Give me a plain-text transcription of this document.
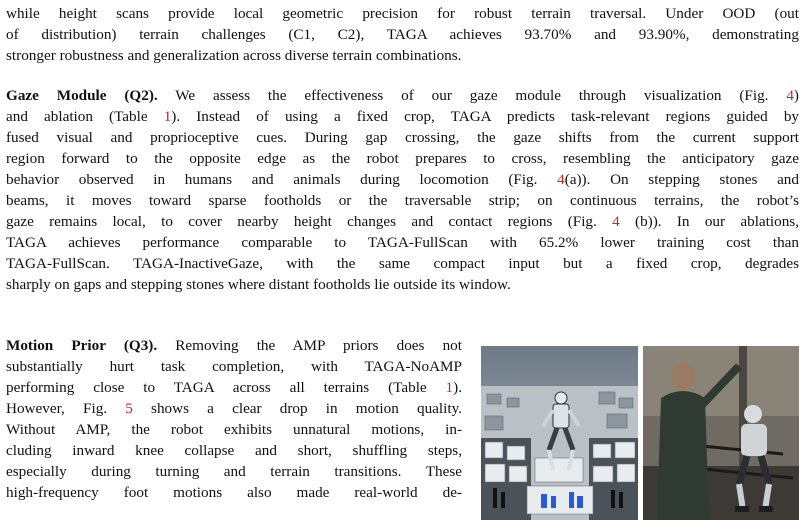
while height scans provide local geometric precision for robust terrain traversal. Under OOD (out
of distribution) terrain challenges (C1, C2), TAGA achieves 93.70% and 93.90%, demonstrating
stronger robustness and generalization across diverse terrain combinations.

Gaze Module (Q2). We assess the effectiveness of our gaze module through visualization (Fig. 4)
and ablation (Table 1). Instead of using a fixed crop, TAGA predicts task-relevant regions guided by
fused visual and proprioceptive cues. During gap crossing, the gaze shifts from the current support
region forward to the opposite edge as the robot prepares to cross, resembling the anticipatory gaze
behavior observed in humans and animals during locomotion (Fig. 4(a)). On stepping stones and
beams, it moves toward sparse footholds or the traversable strip; on continuous terrains, the robot’s
gaze remains local, to cover nearby height changes and contact regions (Fig. 4 (b)). In our ablations,
TAGA achieves performance comparable to TAGA-FullScan with 65.2% lower training cost than
TAGA-FullScan. TAGA-InactiveGaze, with the same compact input but a fixed crop, degrades
sharply on gaps and stepping stones where distant footholds lie outside its window.

Motion Prior (Q3). Removing the AMP priors does not
substantially hurt task completion, with TAGA-NoAMP
performing close to TAGA across all terrains (Table 1).
However, Fig. 5 shows a clear drop in motion quality.
Without AMP, the robot exhibits unnatural motions, in-
cluding inward knee collapse and short, shuffling steps,
especially during turning and terrain transitions. These
high-frequency foot motions also made real-world de-
